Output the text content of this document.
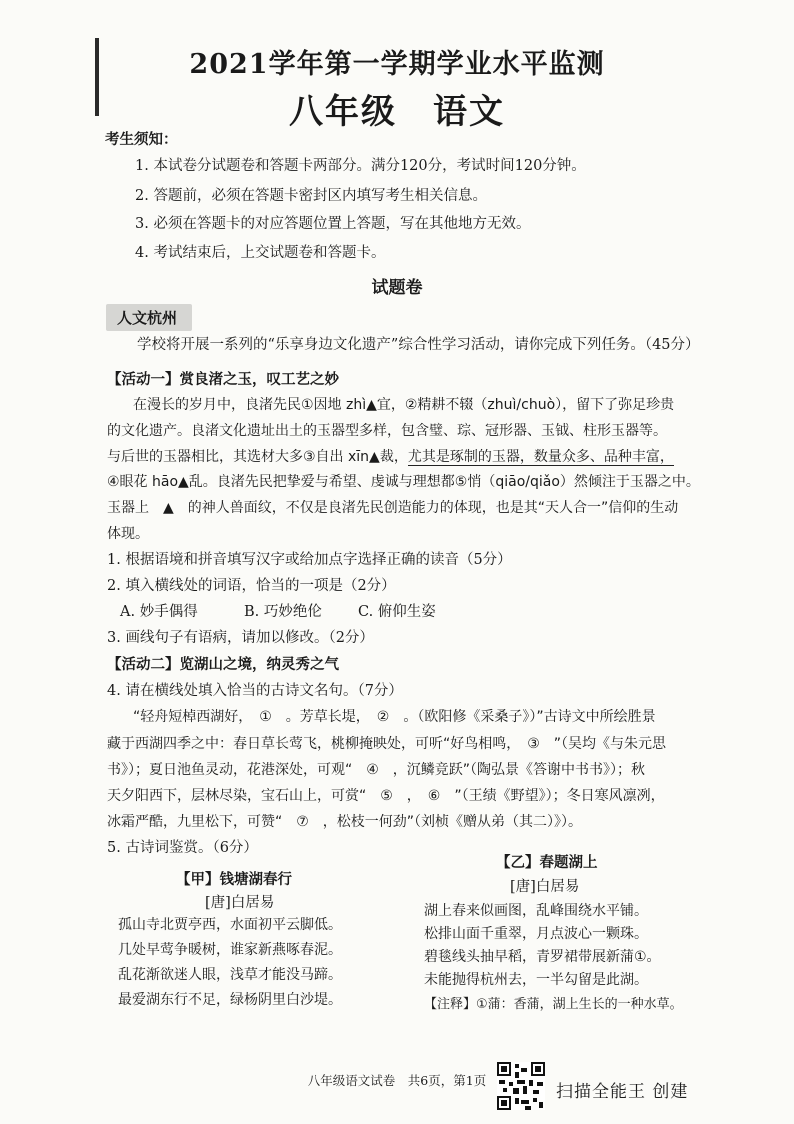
2021学年第一学期学业水平监测
八年级　语文
考生须知：
1. 本试卷分试题卷和答题卡两部分。满分120分，考试时间120分钟。
2. 答题前，必须在答题卡密封区内填写考生相关信息。
3. 必须在答题卡的对应答题位置上答题，写在其他地方无效。
4. 考试结束后，上交试题卷和答题卡。
试题卷
人文杭州
学校将开展一系列的“乐享身边文化遗产”综合性学习活动，请你完成下列任务。（45分）
【活动一】赏良渚之玉，叹工艺之妙
在漫长的岁月中，良渚先民①因地 zhì▲宜，②精耕不辍（zhuì/chuò），留下了弥足珍贵
的文化遗产。良渚文化遗址出土的玉器型多样，包含璧、琮、冠形器、玉钺、柱形玉器等。
与后世的玉器相比，其选材大多③自出 xīn▲裁，尤其是琢制的玉器，数量众多、品种丰富，
④眼花 hāo▲乱。良渚先民把挚爱与希望、虔诚与理想都⑤悄（qiāo/qiǎo）然倾注于玉器之中。
玉器上　▲　的神人兽面纹，不仅是良渚先民创造能力的体现，也是其“天人合一”信仰的生动
体现。
1. 根据语境和拼音填写汉字或给加点字选择正确的读音（5分）
2. 填入横线处的词语，恰当的一项是（2分）
A. 妙手偶得	B. 巧妙绝伦 C. 俯仰生姿
3. 画线句子有语病，请加以修改。（2分）
【活动二】览湖山之境，纳灵秀之气
4. 请在横线处填入恰当的古诗文名句。（7分）
“轻舟短棹西湖好，　①　。芳草长堤，　②　。（欧阳修《采桑子》）”古诗文中所绘胜景
藏于西湖四季之中：春日草长莺飞，桃柳掩映处，可听“好鸟相鸣，　③　”（吴均《与朱元思
书》）；夏日池鱼灵动，花港深处，可观“　④　，沉鳞竞跃”（陶弘景《答谢中书书》）；秋
天夕阳西下，层林尽染，宝石山上，可赏“　⑤　，　⑥　”（王绩《野望》）；冬日寒风凛冽，
冰霜严酷，九里松下，可赞“　⑦　，松枝一何劲”（刘桢《赠从弟（其二）》）。
5. 古诗词鉴赏。（6分）
【甲】钱塘湖春行
[唐]白居易
孤山寺北贾亭西，水面初平云脚低。
几处早莺争暖树，谁家新燕啄春泥。
乱花渐欲迷人眼，浅草才能没马蹄。
最爱湖东行不足，绿杨阴里白沙堤。
【乙】春题湖上
[唐]白居易
湖上春来似画图，乱峰围绕水平铺。
松排山面千重翠，月点波心一颗珠。
碧毯线头抽早稻，青罗裙带展新蒲①。
未能抛得杭州去，一半勾留是此湖。
【注释】①蒲：香蒲，湖上生长的一种水草。
八年级语文试卷　共6页，第1页
扫描全能王 创建
